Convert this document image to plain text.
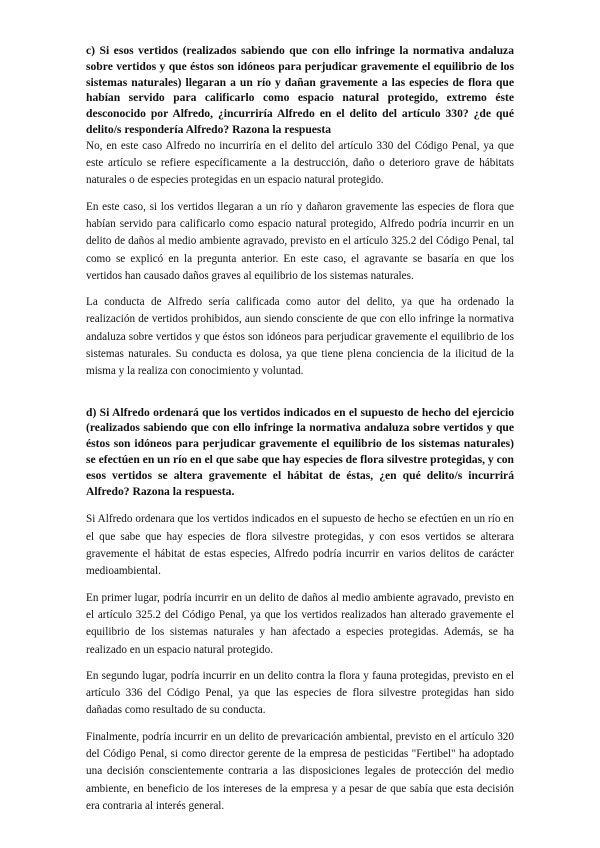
c) Si esos vertidos (realizados sabiendo que con ello infringe la normativa andaluza sobre vertidos y que éstos son idóneos para perjudicar gravemente el equilibrio de los sistemas naturales) llegaran a un río y dañan gravemente a las especies de flora que habían servido para calificarlo como espacio natural protegido, extremo éste desconocido por Alfredo, ¿incurriría Alfredo en el delito del artículo 330? ¿de qué delito/s respondería Alfredo? Razona la respuesta

No, en este caso Alfredo no incurriría en el delito del artículo 330 del Código Penal, ya que este artículo se refiere específicamente a la destrucción, daño o deterioro grave de hábitats naturales o de especies protegidas en un espacio natural protegido.

En este caso, si los vertidos llegaran a un río y dañaron gravemente las especies de flora que habían servido para calificarlo como espacio natural protegido, Alfredo podría incurrir en un delito de daños al medio ambiente agravado, previsto en el artículo 325.2 del Código Penal, tal como se explicó en la pregunta anterior. En este caso, el agravante se basaría en que los vertidos han causado daños graves al equilibrio de los sistemas naturales.

La conducta de Alfredo sería calificada como autor del delito, ya que ha ordenado la realización de vertidos prohibidos, aun siendo consciente de que con ello infringe la normativa andaluza sobre vertidos y que éstos son idóneos para perjudicar gravemente el equilibrio de los sistemas naturales. Su conducta es dolosa, ya que tiene plena conciencia de la ilicitud de la misma y la realiza con conocimiento y voluntad.

d) Si Alfredo ordenará que los vertidos indicados en el supuesto de hecho del ejercicio (realizados sabiendo que con ello infringe la normativa andaluza sobre vertidos y que éstos son idóneos para perjudicar gravemente el equilibrio de los sistemas naturales) se efectúen en un río en el que sabe que hay especies de flora silvestre protegidas, y con esos vertidos se altera gravemente el hábitat de éstas, ¿en qué delito/s incurrirá Alfredo? Razona la respuesta.

Si Alfredo ordenara que los vertidos indicados en el supuesto de hecho se efectúen en un río en el que sabe que hay especies de flora silvestre protegidas, y con esos vertidos se alterara gravemente el hábitat de estas especies, Alfredo podría incurrir en varios delitos de carácter medioambiental.

En primer lugar, podría incurrir en un delito de daños al medio ambiente agravado, previsto en el artículo 325.2 del Código Penal, ya que los vertidos realizados han alterado gravemente el equilibrio de los sistemas naturales y han afectado a especies protegidas. Además, se ha realizado en un espacio natural protegido.

En segundo lugar, podría incurrir en un delito contra la flora y fauna protegidas, previsto en el artículo 336 del Código Penal, ya que las especies de flora silvestre protegidas han sido dañadas como resultado de su conducta.

Finalmente, podría incurrir en un delito de prevaricación ambiental, previsto en el artículo 320 del Código Penal, si como director gerente de la empresa de pesticidas "Fertibel" ha adoptado una decisión conscientemente contraria a las disposiciones legales de protección del medio ambiente, en beneficio de los intereses de la empresa y a pesar de que sabía que esta decisión era contraria al interés general.
